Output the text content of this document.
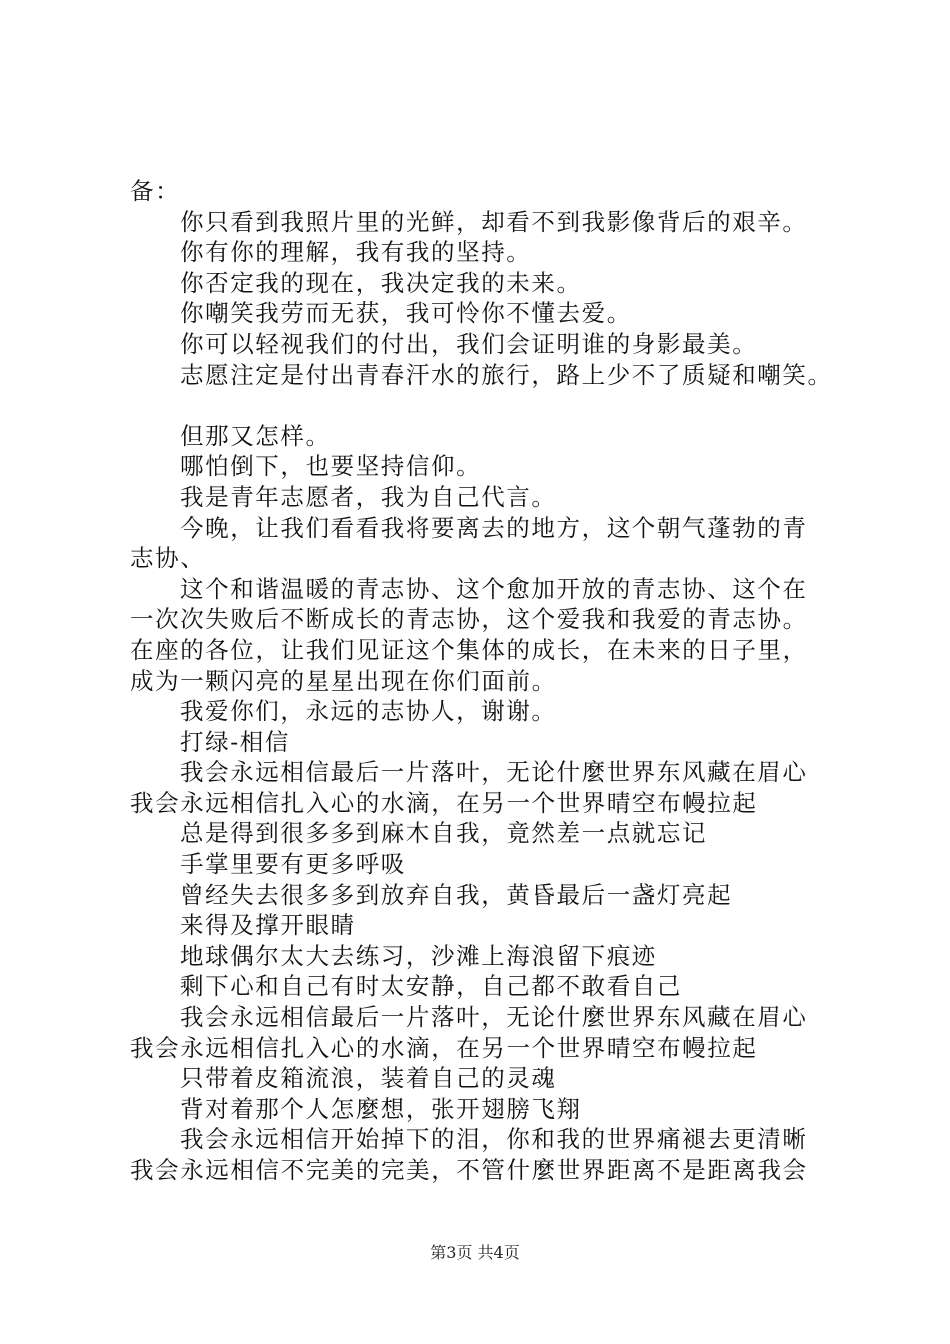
备：
你只看到我照片里的光鲜，却看不到我影像背后的艰辛。
你有你的理解，我有我的坚持。
你否定我的现在，我决定我的未来。
你嘲笑我劳而无获，我可怜你不懂去爱。
你可以轻视我们的付出，我们会证明谁的身影最美。
志愿注定是付出青春汗水的旅行，路上少不了质疑和嘲笑。
但那又怎样。
哪怕倒下，也要坚持信仰。
我是青年志愿者，我为自己代言。
今晚，让我们看看我将要离去的地方，这个朝气蓬勃的青
志协、
这个和谐温暖的青志协、这个愈加开放的青志协、这个在
一次次失败后不断成长的青志协，这个爱我和我爱的青志协。
在座的各位，让我们见证这个集体的成长，在未来的日子里，
成为一颗闪亮的星星出现在你们面前。
我爱你们，永远的志协人，谢谢。
打绿-相信
我会永远相信最后一片落叶，无论什麼世界东风藏在眉心
我会永远相信扎入心的水滴，在另一个世界晴空布幔拉起
总是得到很多多到麻木自我，竟然差一点就忘记
手掌里要有更多呼吸
曾经失去很多多到放弃自我，黄昏最后一盏灯亮起
来得及撑开眼睛
地球偶尔太大去练习，沙滩上海浪留下痕迹
剩下心和自己有时太安静，自己都不敢看自己
我会永远相信最后一片落叶，无论什麼世界东风藏在眉心
我会永远相信扎入心的水滴，在另一个世界晴空布幔拉起
只带着皮箱流浪，装着自己的灵魂
背对着那个人怎麼想，张开翅膀飞翔
我会永远相信开始掉下的泪，你和我的世界痛褪去更清晰
我会永远相信不完美的完美，不管什麼世界距离不是距离我会
第3页 共4页
